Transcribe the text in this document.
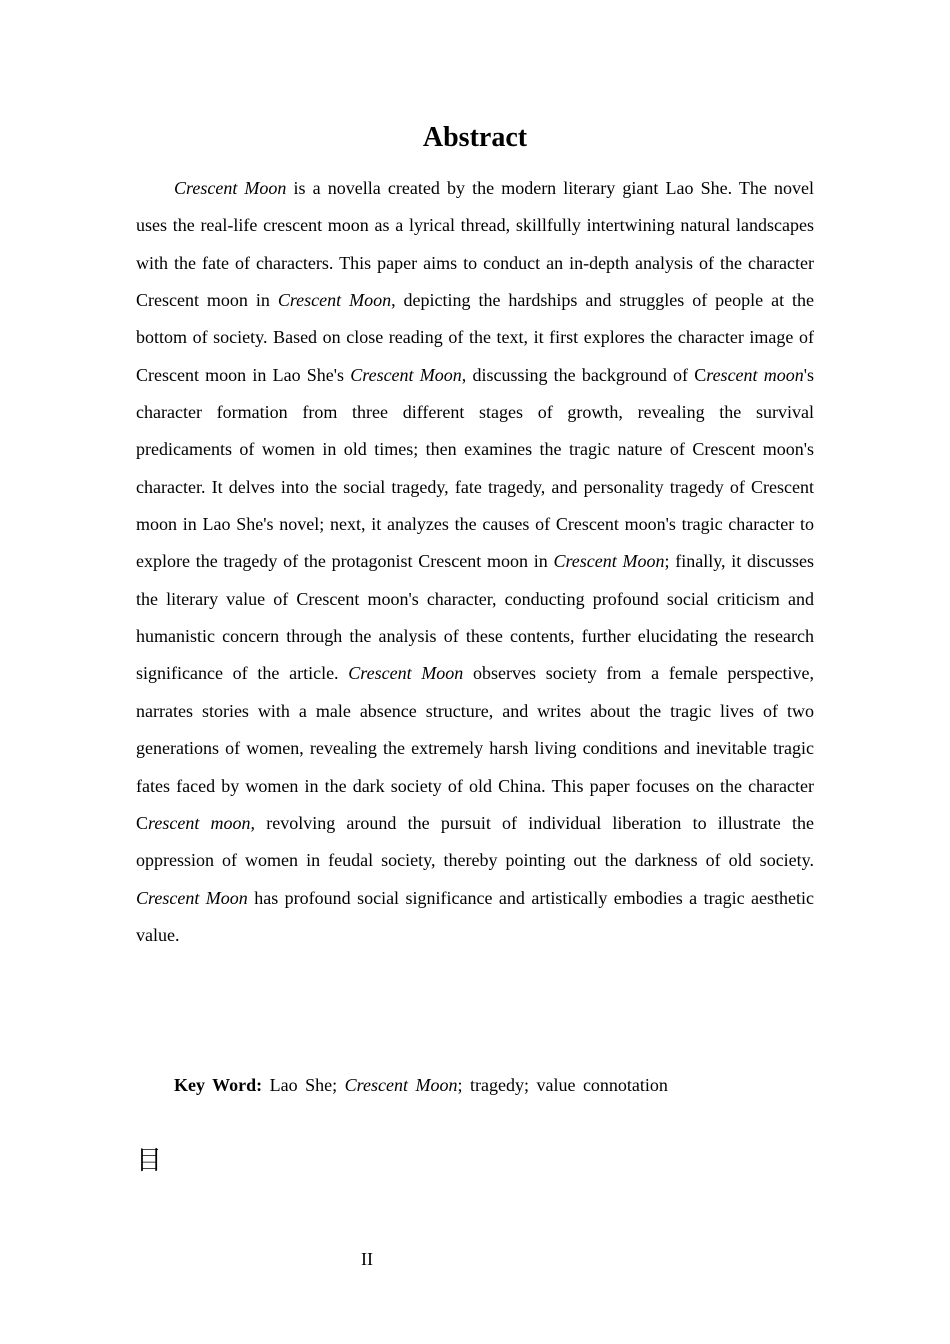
Abstract

Crescent Moon is a novella created by the modern literary giant Lao She. The novel uses the real-life crescent moon as a lyrical thread, skillfully intertwining natural landscapes with the fate of characters. This paper aims to conduct an in-depth analysis of the character Crescent moon in Crescent Moon, depicting the hardships and struggles of people at the bottom of society. Based on close reading of the text, it first explores the character image of Crescent moon in Lao She's Crescent Moon, discussing the background of Crescent moon's character formation from three different stages of growth, revealing the survival predicaments of women in old times; then examines the tragic nature of Crescent moon's character. It delves into the social tragedy, fate tragedy, and personality tragedy of Crescent moon in Lao She's novel; next, it analyzes the causes of Crescent moon's tragic character to explore the tragedy of the protagonist Crescent moon in Crescent Moon; finally, it discusses the literary value of Crescent moon's character, conducting profound social criticism and humanistic concern through the analysis of these contents, further elucidating the research significance of the article. Crescent Moon observes society from a female perspective, narrates stories with a male absence structure, and writes about the tragic lives of two generations of women, revealing the extremely harsh living conditions and inevitable tragic fates faced by women in the dark society of old China. This paper focuses on the character Crescent moon, revolving around the pursuit of individual liberation to illustrate the oppression of women in feudal society, thereby pointing out the darkness of old society. Crescent Moon has profound social significance and artistically embodies a tragic aesthetic value.

Key Word: Lao She; Crescent Moon; tragedy; value connotation

目
II
